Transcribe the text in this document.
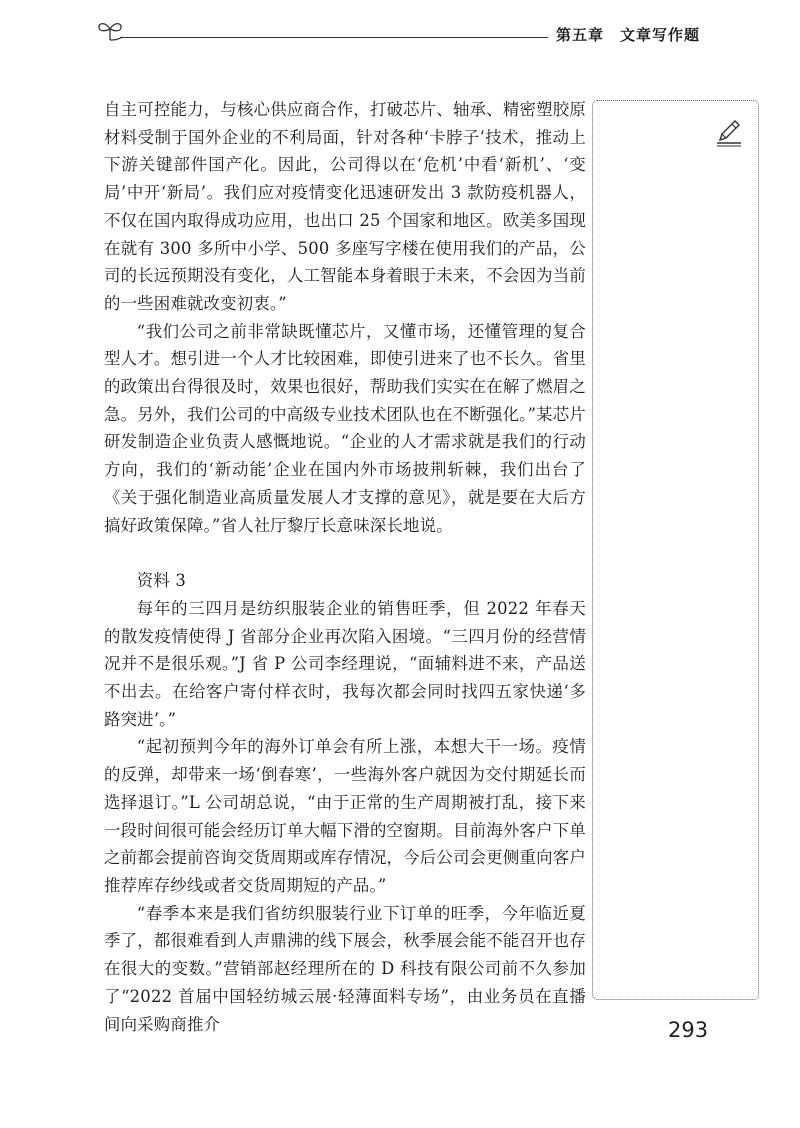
第五章 文章写作题

自主可控能力，与核心供应商合作，打破芯片、轴承、精密塑胶原材料受制于国外企业的不利局面，针对各种‘卡脖子’技术，推动上下游关键部件国产化。因此，公司得以在‘危机’中看‘新机’、‘变局’中开‘新局’。我们应对疫情变化迅速研发出 3 款防疫机器人，不仅在国内取得成功应用，也出口 25 个国家和地区。欧美多国现在就有 300 多所中小学、500 多座写字楼在使用我们的产品，公司的长远预期没有变化，人工智能本身着眼于未来，不会因为当前的一些困难就改变初衷。”

“我们公司之前非常缺既懂芯片，又懂市场，还懂管理的复合型人才。想引进一个人才比较困难，即使引进来了也不长久。省里的政策出台得很及时，效果也很好，帮助我们实实在在解了燃眉之急。另外，我们公司的中高级专业技术团队也在不断强化。”某芯片研发制造企业负责人感慨地说。“企业的人才需求就是我们的行动方向，我们的‘新动能’企业在国内外市场披荆斩棘，我们出台了《关于强化制造业高质量发展人才支撑的意见》，就是要在大后方搞好政策保障。”省人社厅黎厅长意味深长地说。

资料 3

每年的三四月是纺织服装企业的销售旺季，但 2022 年春天的散发疫情使得 J 省部分企业再次陷入困境。“三四月份的经营情况并不是很乐观。”J 省 P 公司李经理说，“面辅料进不来，产品送不出去。在给客户寄付样衣时，我每次都会同时找四五家快递‘多路突进’。”

“起初预判今年的海外订单会有所上涨，本想大干一场。疫情的反弹，却带来一场‘倒春寒’，一些海外客户就因为交付期延长而选择退订。”L 公司胡总说，“由于正常的生产周期被打乱，接下来一段时间很可能会经历订单大幅下滑的空窗期。目前海外客户下单之前都会提前咨询交货周期或库存情况，今后公司会更侧重向客户推荐库存纱线或者交货周期短的产品。”

“春季本来是我们省纺织服装行业下订单的旺季，今年临近夏季了，都很难看到人声鼎沸的线下展会，秋季展会能不能召开也存在很大的变数。”营销部赵经理所在的 D 科技有限公司前不久参加了“2022 首届中国轻纺城云展·轻薄面料专场”，由业务员在直播间向采购商推介	293
